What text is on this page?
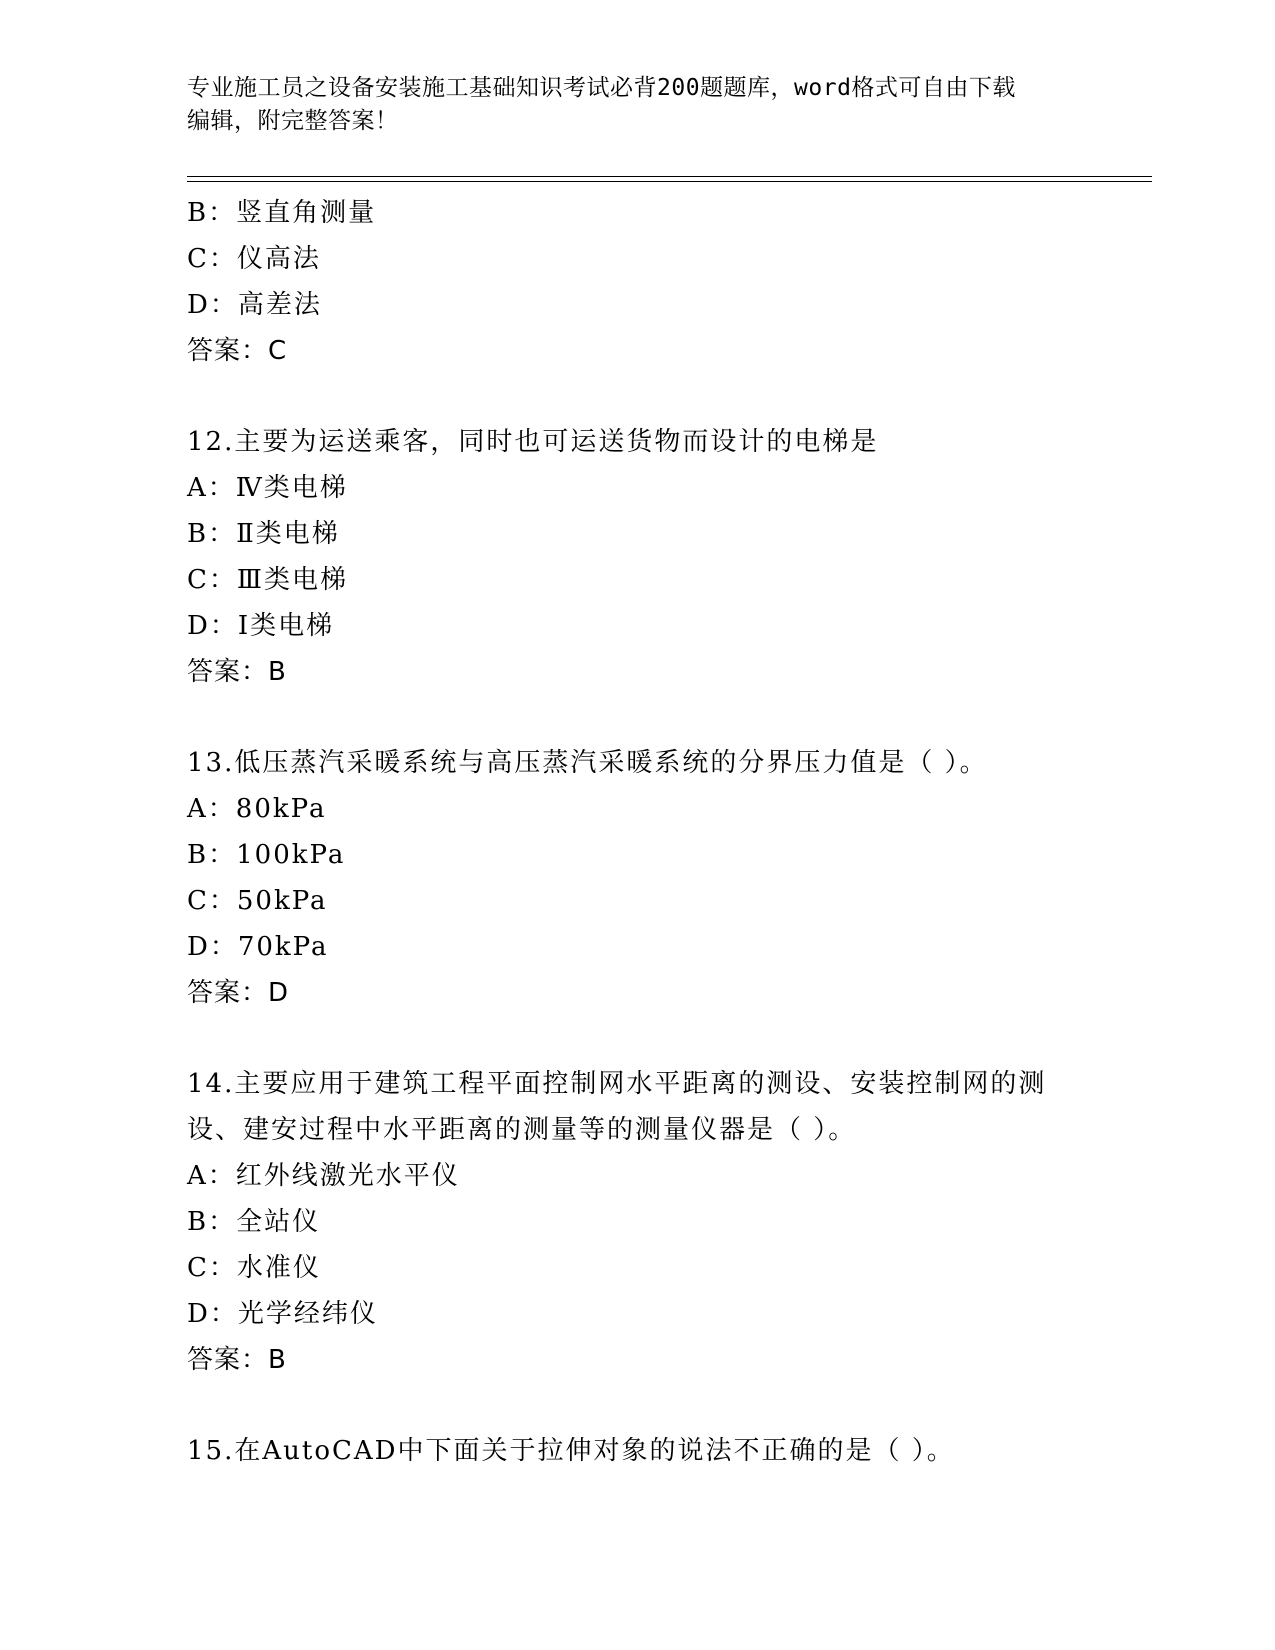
专业施工员之设备安装施工基础知识考试必背200题题库，word格式可自由下载
编辑，附完整答案！
B：竖直角测量
C：仪高法
D：高差法
答案：C
12.主要为运送乘客，同时也可运送货物而设计的电梯是
A：Ⅳ类电梯
B：Ⅱ类电梯
C：Ⅲ类电梯
D：Ⅰ类电梯
答案：B
13.低压蒸汽采暖系统与高压蒸汽采暖系统的分界压力值是（ ）。
A：80kPa
B：100kPa
C：50kPa
D：70kPa
答案：D
14.主要应用于建筑工程平面控制网水平距离的测设、安装控制网的测
设、建安过程中水平距离的测量等的测量仪器是（ ）。
A：红外线激光水平仪
B：全站仪
C：水准仪
D：光学经纬仪
答案：B
15.在AutoCAD中下面关于拉伸对象的说法不正确的是（ ）。
